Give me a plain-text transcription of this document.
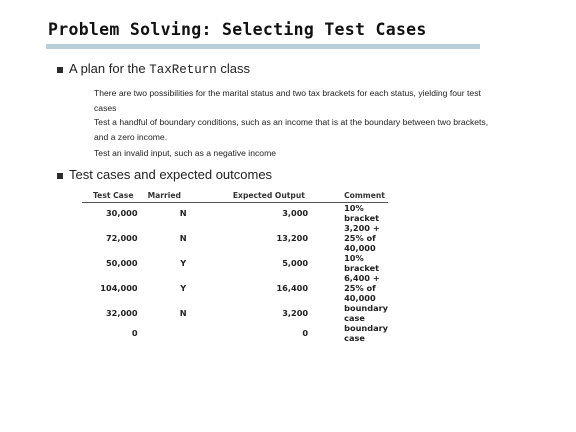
Problem Solving: Selecting Test Cases
A plan for the TaxReturn class
There are two possibilities for the marital status and two tax brackets for each status, yielding four test cases
Test a handful of boundary conditions, such as an income that is at the boundary between two brackets, and a zero income.
Test an invalid input, such as a negative income
Test cases and expected outcomes
Test Case	Married	Expected Output	Comment
30,000	N	3,000	10% bracket
72,000	N	13,200	3,200 + 25% of 40,000
50,000	Y	5,000	10% bracket
104,000	Y	16,400	6,400 + 25% of 40,000
32,000	N	3,200	boundary case
0		0	boundary case
